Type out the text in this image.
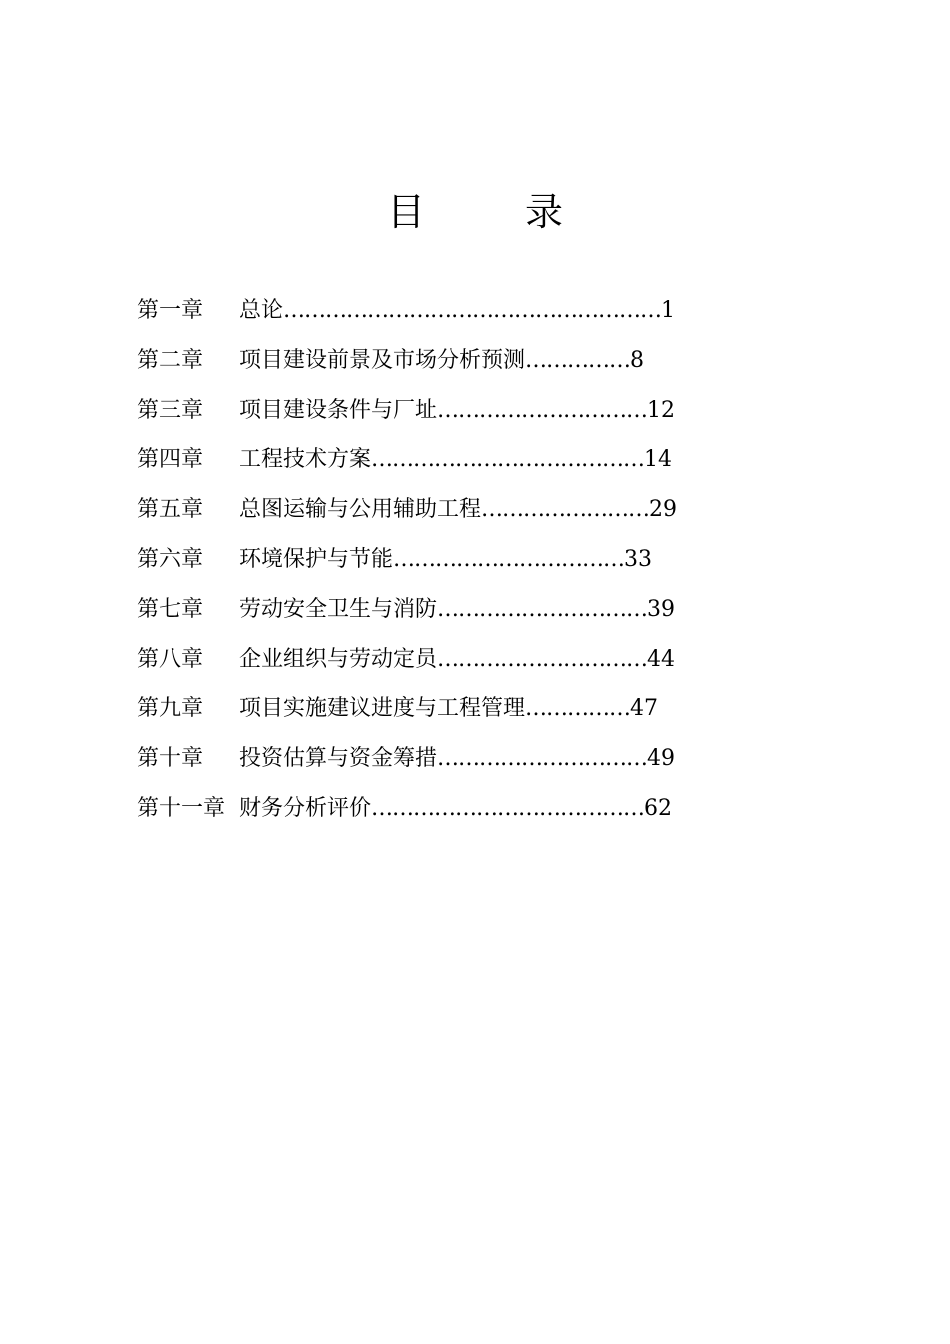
目 录
第一章 总论………………………………………………1
第二章 项目建设前景及市场分析预测……………8
第三章 项目建设条件与厂址…………………………12
第四章 工程技术方案…………………………………14
第五章 总图运输与公用辅助工程……………………29
第六章 环境保护与节能……………………………33
第七章 劳动安全卫生与消防…………………………39
第八章 企业组织与劳动定员…………………………44
第九章 项目实施建议进度与工程管理……………47
第十章 投资估算与资金筹措…………………………49
第十一章 财务分析评价…………………………………62
